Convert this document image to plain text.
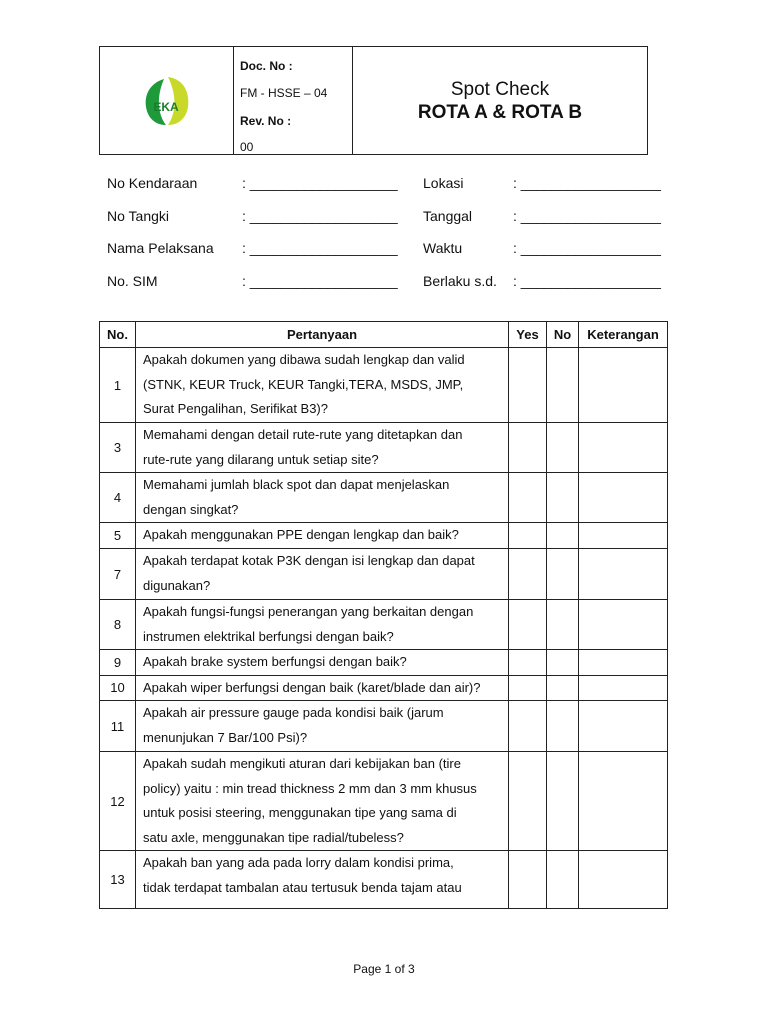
EKA
Doc. No :
FM - HSSE – 04
Rev. No :
00
Spot Check
ROTA A & ROTA B
No Kendaraan	: ___________________
No Tangki	: ___________________
Nama Pelaksana : ___________________
No. SIM	: ___________________
Lokasi	: __________________
Tanggal	: __________________
Waktu	: __________________
Berlaku s.d. : __________________
No.	Pertanyaan	Yes	No	Keterangan
1	Apakah dokumen yang dibawa sudah lengkap dan valid
(STNK, KEUR Truck, KEUR Tangki,TERA, MSDS, JMP,
Surat Pengalihan, Serifikat B3)?			

3	Memahami dengan detail rute-rute yang ditetapkan dan
rute-rute yang dilarang untuk setiap site?			

4	Memahami jumlah black spot dan dapat menjelaskan
dengan singkat?			

5	Apakah menggunakan PPE dengan lengkap dan baik?			

7	Apakah terdapat kotak P3K dengan isi lengkap dan dapat
digunakan?			

8	Apakah fungsi-fungsi penerangan yang berkaitan dengan
instrumen elektrikal berfungsi dengan baik?			

9	Apakah brake system berfungsi dengan baik?			

10	Apakah wiper berfungsi dengan baik (karet/blade dan air)?			

11	Apakah air pressure gauge pada kondisi baik (jarum
menunjukan 7 Bar/100 Psi)?			

12	Apakah sudah mengikuti aturan dari kebijakan ban (tire
policy) yaitu : min tread thickness 2 mm dan 3 mm khusus
untuk posisi steering, menggunakan tipe yang sama di
satu axle, menggunakan tipe radial/tubeless?			

13	Apakah ban yang ada pada lorry dalam kondisi prima,
tidak terdapat tambalan atau tertusuk benda tajam atau			

Page 1 of 3
